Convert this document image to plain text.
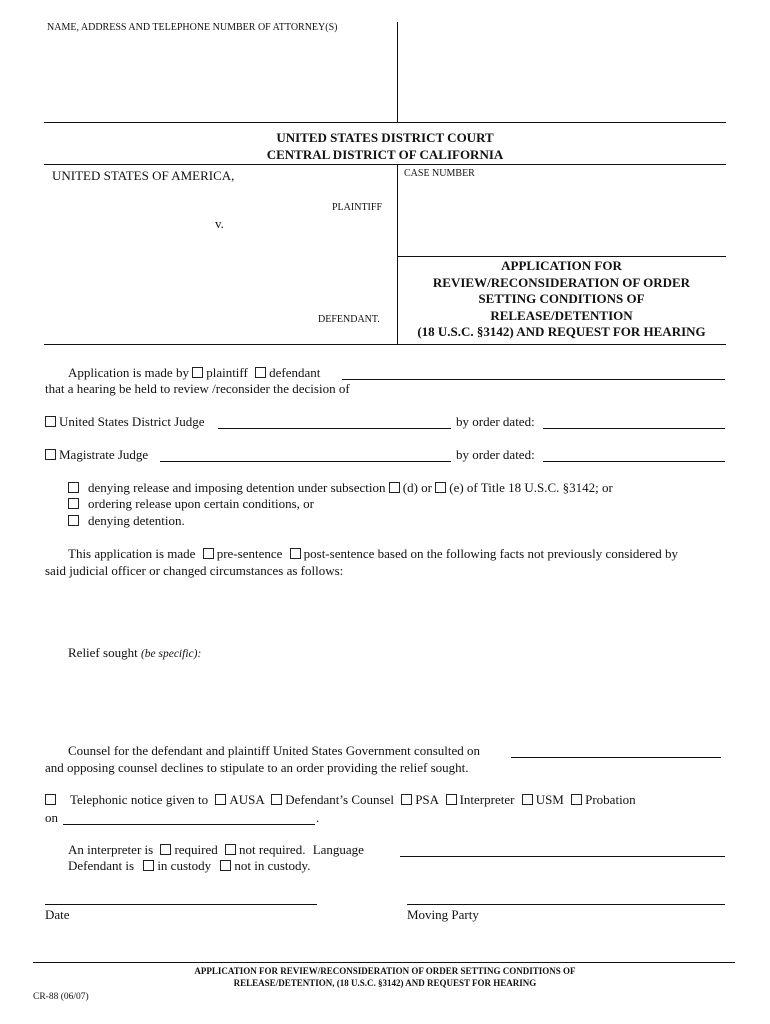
NAME, ADDRESS AND TELEPHONE NUMBER OF ATTORNEY(S)
UNITED STATES DISTRICT COURT
CENTRAL DISTRICT OF CALIFORNIA
UNITED STATES OF AMERICA,
PLAINTIFF
v.
DEFENDANT.
CASE NUMBER
APPLICATION FOR
REVIEW/RECONSIDERATION OF ORDER
SETTING CONDITIONS OF
RELEASE/DETENTION
(18 U.S.C. §3142) AND REQUEST FOR HEARING
Application is made by plaintiff defendant
that a hearing be held to review /reconsider the decision of
United States District Judge	by order dated:
Magistrate Judge	by order dated:
denying release and imposing detention under subsection (d) or (e) of Title 18 U.S.C. §3142; or
ordering release upon certain conditions, or
denying detention.
This application is made pre-sentence post-sentence based on the following facts not previously considered by
said judicial officer or changed circumstances as follows:
Relief sought (be specific):
Counsel for the defendant and plaintiff United States Government consulted on
and opposing counsel declines to stipulate to an order providing the relief sought.
Telephonic notice given to AUSA Defendant’s Counsel PSA Interpreter USM Probation
on	.
An interpreter is required not required. Language
Defendant is in custody not in custody.
Date	Moving Party
APPLICATION FOR REVIEW/RECONSIDERATION OF ORDER SETTING CONDITIONS OF
RELEASE/DETENTION, (18 U.S.C. §3142) AND REQUEST FOR HEARING
CR-88 (06/07)
